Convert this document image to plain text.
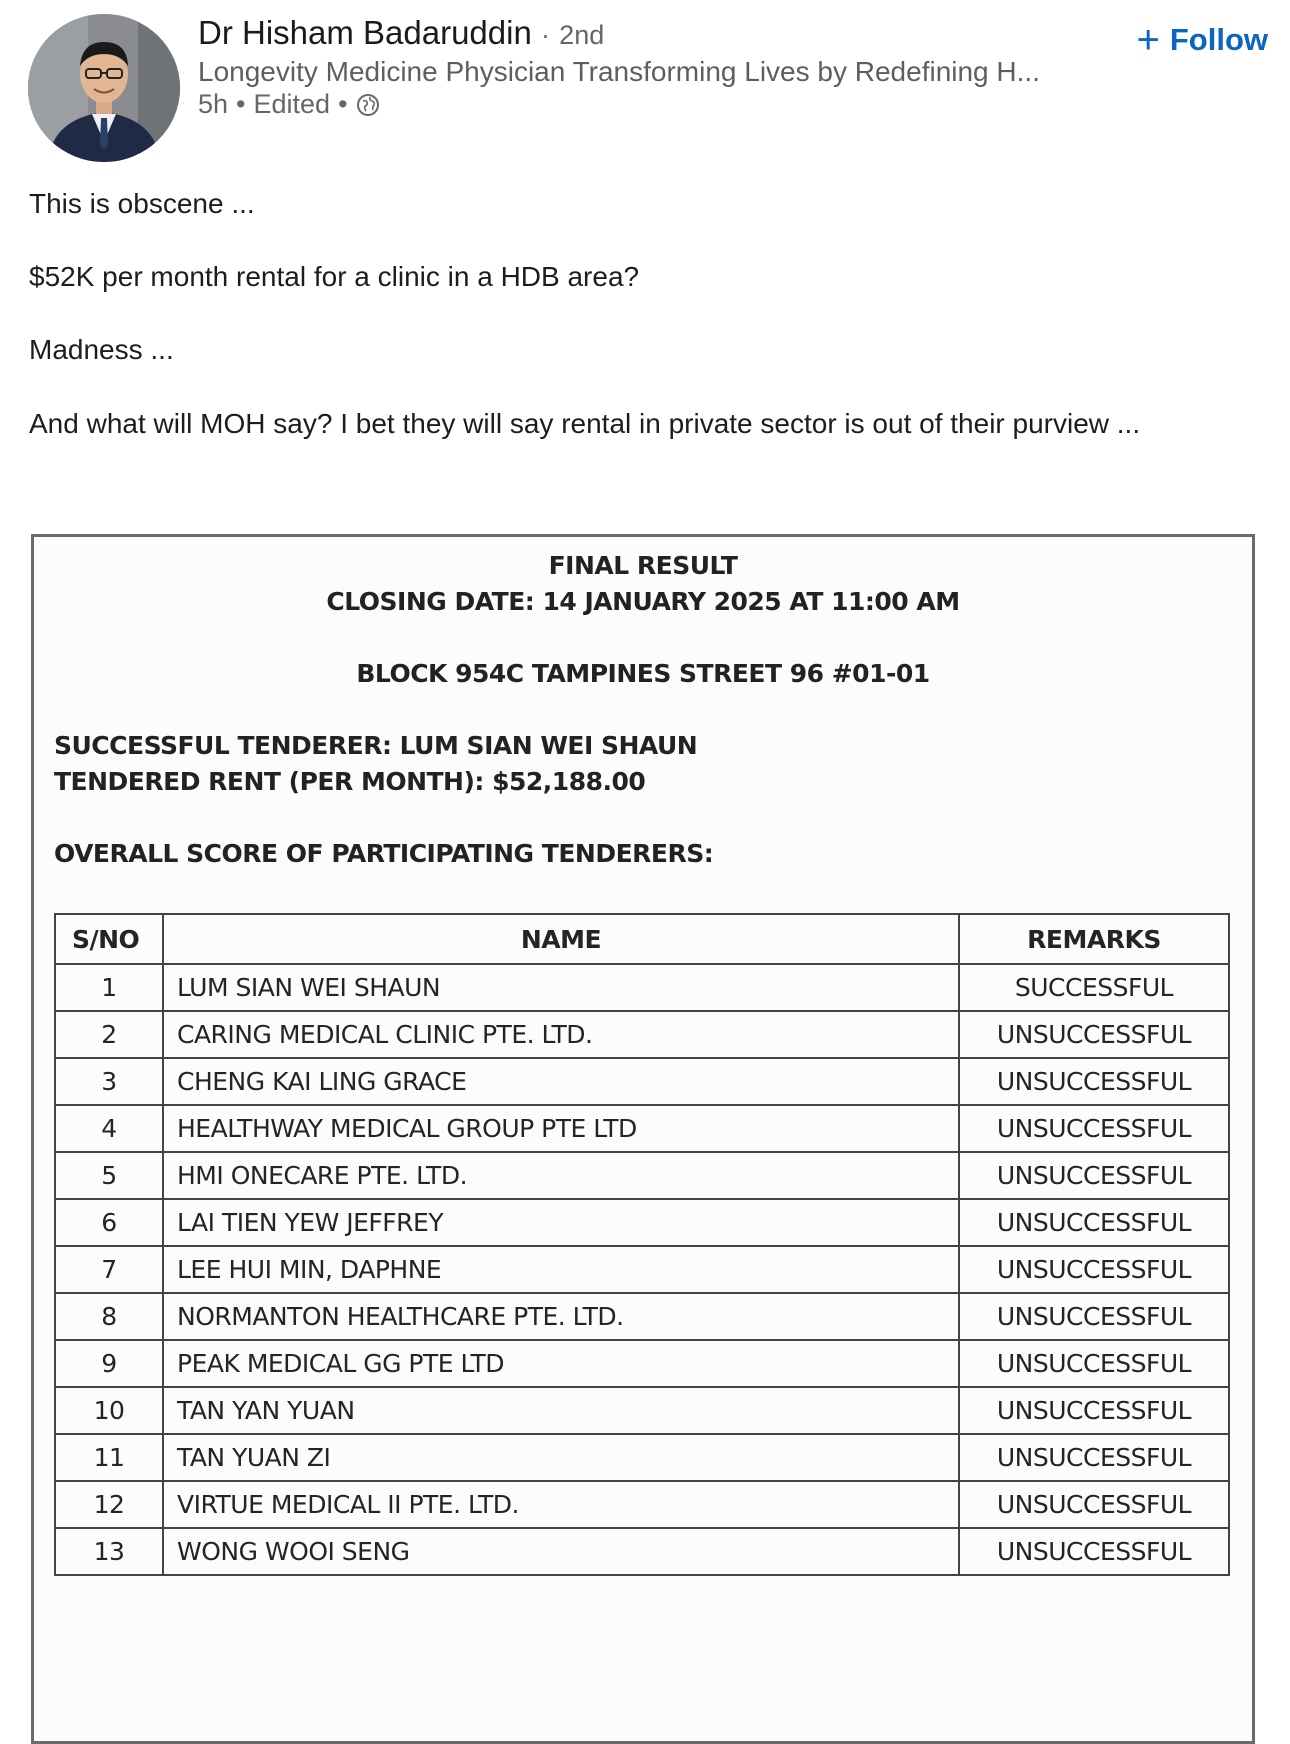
Dr Hisham Badaruddin · 2nd
Longevity Medicine Physician Transforming Lives by Redefining H...
5h • Edited •
+ Follow

This is obscene ...

$52K per month rental for a clinic in a HDB area?

Madness ...

And what will MOH say? I bet they will say rental in private sector is out of their purview ...

FINAL RESULT
CLOSING DATE: 14 JANUARY 2025 AT 11:00 AM
BLOCK 954C TAMPINES STREET 96 #01-01
SUCCESSFUL TENDERER: LUM SIAN WEI SHAUN
TENDERED RENT (PER MONTH): $52,188.00
OVERALL SCORE OF PARTICIPATING TENDERERS:
S/NO	NAME	REMARKS
1	LUM SIAN WEI SHAUN	SUCCESSFUL
2	CARING MEDICAL CLINIC PTE. LTD.	UNSUCCESSFUL
3	CHENG KAI LING GRACE	UNSUCCESSFUL
4	HEALTHWAY MEDICAL GROUP PTE LTD	UNSUCCESSFUL
5	HMI ONECARE PTE. LTD.	UNSUCCESSFUL
6	LAI TIEN YEW JEFFREY	UNSUCCESSFUL
7	LEE HUI MIN, DAPHNE	UNSUCCESSFUL
8	NORMANTON HEALTHCARE PTE. LTD.	UNSUCCESSFUL
9	PEAK MEDICAL GG PTE LTD	UNSUCCESSFUL
10	TAN YAN YUAN	UNSUCCESSFUL
11	TAN YUAN ZI	UNSUCCESSFUL
12	VIRTUE MEDICAL II PTE. LTD.	UNSUCCESSFUL
13	WONG WOOI SENG	UNSUCCESSFUL
